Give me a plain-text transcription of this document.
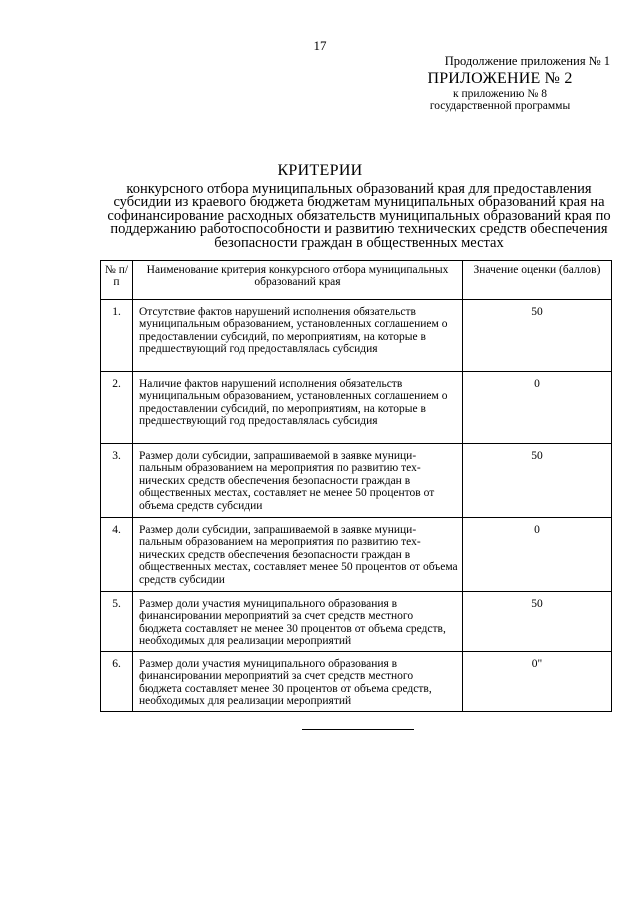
17
Продолжение приложения № 1
ПРИЛОЖЕНИЕ № 2
к приложению № 8
государственной программы
КРИТЕРИИ
конкурсного отбора муниципальных образований края для предоставления субсидии из краевого бюджета бюджетам муниципальных образований края на софинансирование расходных обязательств муниципальных образований края по поддержанию работоспособности и развитию технических средств обеспечения безопасности граждан в общественных местах
№ п/п	Наименование критерия конкурсного отбора муниципальных образований края	Значение оценки (баллов)
1.	Отсутствие фактов нарушений исполнения обязательств муниципальным образованием, установленных соглашением о предоставлении субсидий, по мероприятиям, на которые в предшествующий год предоставлялась субсидия	50
2.	Наличие фактов нарушений исполнения обязательств муниципальным образованием, установленных соглашением о предоставлении субсидий, по мероприятиям, на которые в предшествующий год предоставлялась субсидия	0
3.	Размер доли субсидии, запрашиваемой в заявке муници-пальным образованием на мероприятия по развитию тех-нических средств обеспечения безопасности граждан в общественных местах, составляет не менее 50 процентов от объема средств субсидии	50
4.	Размер доли субсидии, запрашиваемой в заявке муници-пальным образованием на мероприятия по развитию тех-нических средств обеспечения безопасности граждан в общественных местах, составляет менее 50 процентов от объема средств субсидии	0
5.	Размер доли участия муниципального образования в финансировании мероприятий за счет средств местного бюджета составляет не менее 30 процентов от объема средств, необходимых для реализации мероприятий	50
6.	Размер доли участия муниципального образования в финансировании мероприятий за счет средств местного бюджета составляет менее 30 процентов от объема средств, необходимых для реализации мероприятий	0"
